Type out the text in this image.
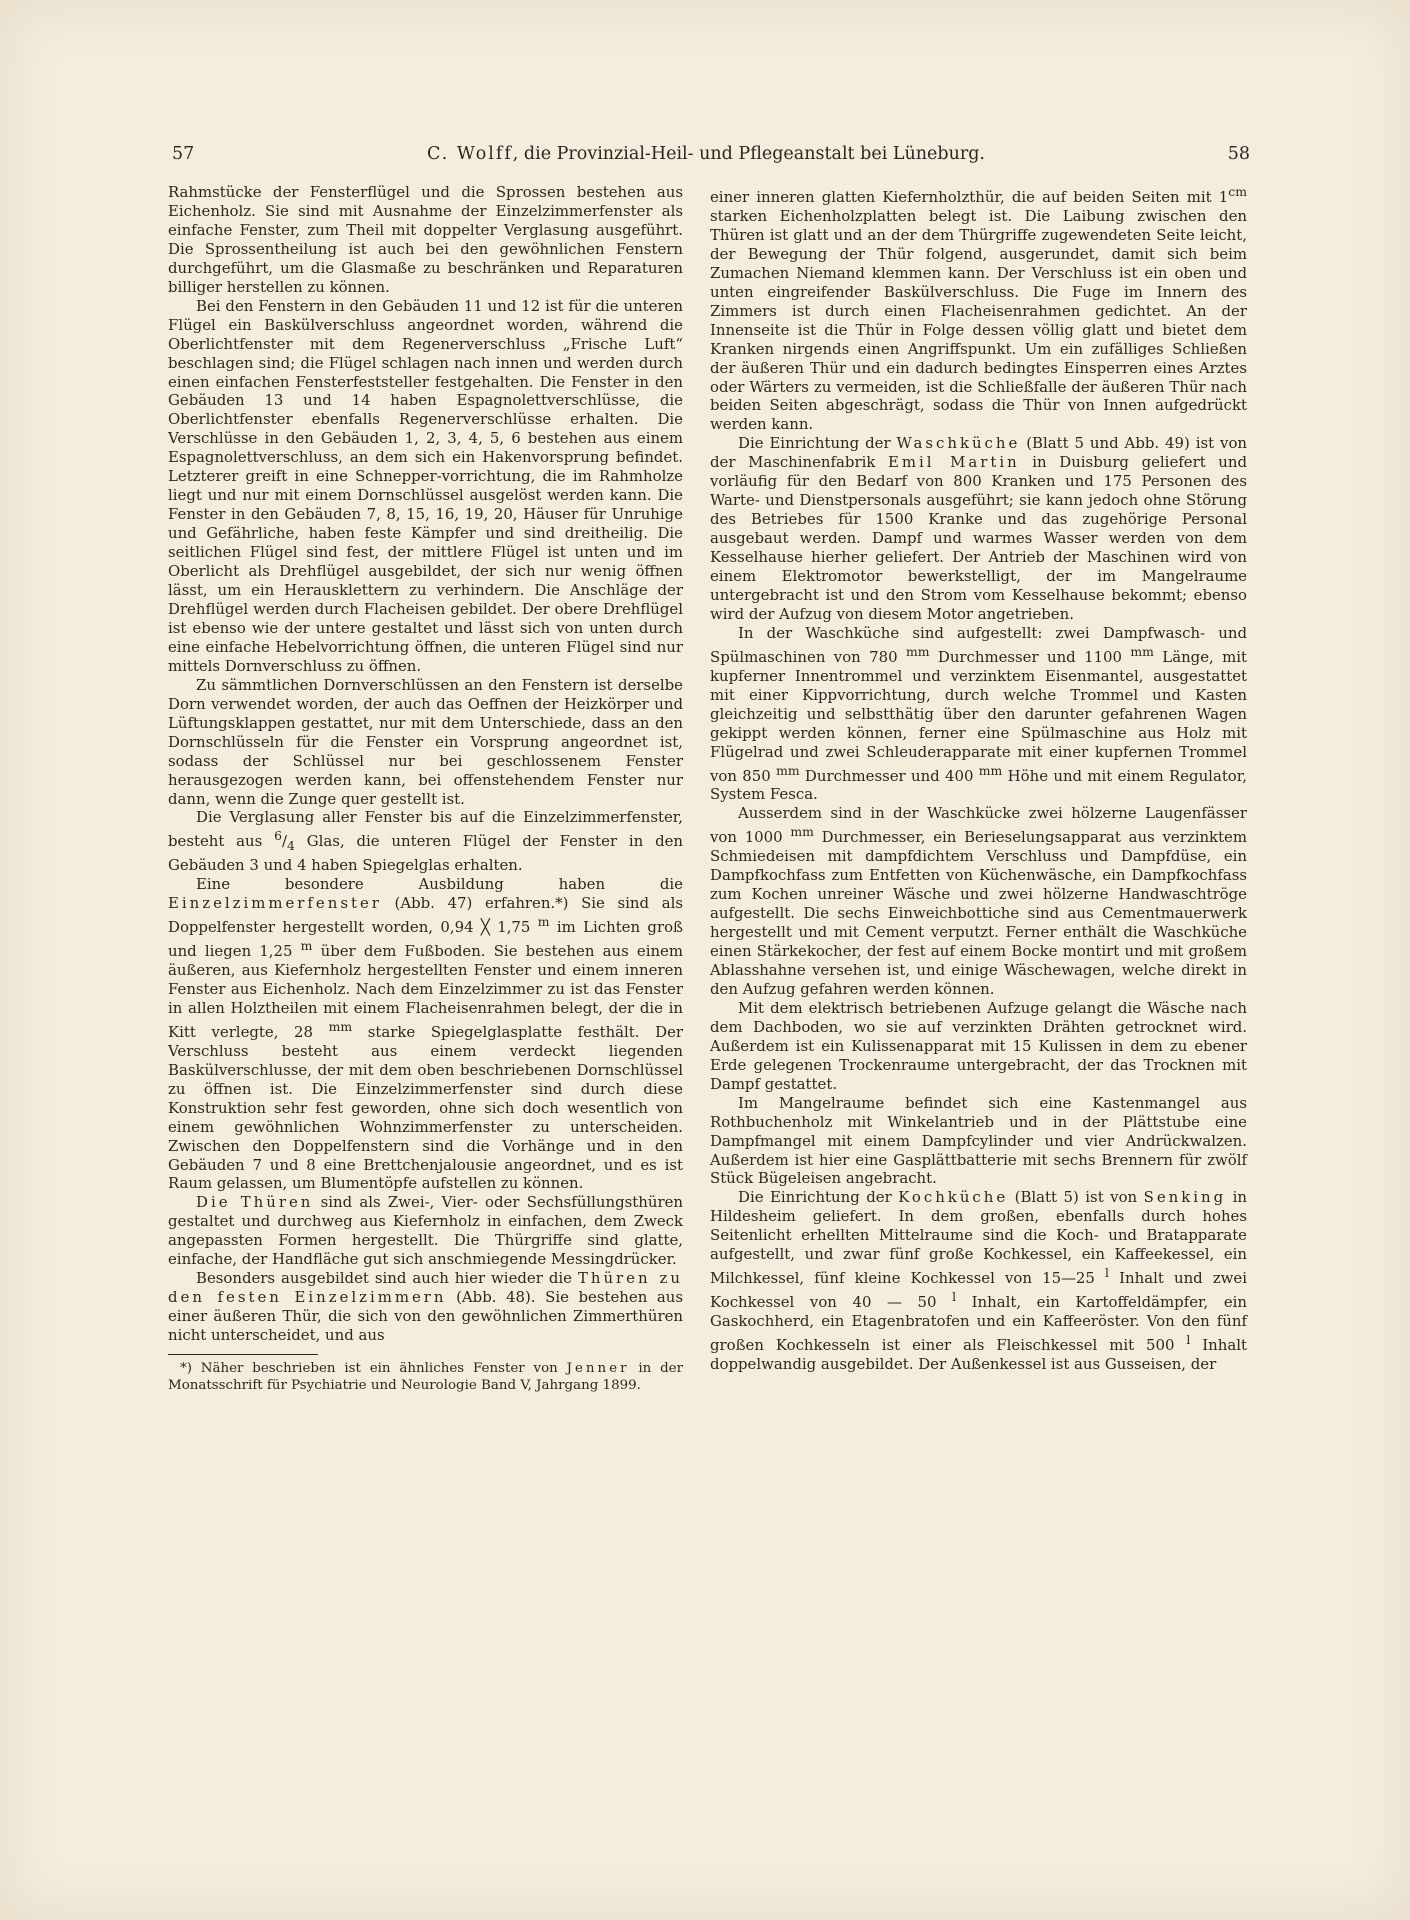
57	C. Wolff, die Provinzial-Heil- und Pflegeanstalt bei Lüneburg.	58

Rahmstücke der Fensterflügel und die Sprossen bestehen aus Eichenholz. Sie sind mit Ausnahme der Einzelzimmerfenster als einfache Fenster, zum Theil mit doppelter Verglasung ausgeführt. Die Sprossentheilung ist auch bei den gewöhnlichen Fenstern durchgeführt, um die Glasmaße zu beschränken und Reparaturen billiger herstellen zu können.

Bei den Fenstern in den Gebäuden 11 und 12 ist für die unteren Flügel ein Baskülverschluss angeordnet worden, während die Oberlichtfenster mit dem Regenerverschluss „Frische Luft“ beschlagen sind; die Flügel schlagen nach innen und werden durch einen einfachen Fensterfeststeller festgehalten. Die Fenster in den Gebäuden 13 und 14 haben Espagnolettverschlüsse, die Oberlichtfenster ebenfalls Regenerverschlüsse erhalten. Die Verschlüsse in den Gebäuden 1, 2, 3, 4, 5, 6 bestehen aus einem Espagnolettverschluss, an dem sich ein Hakenvorsprung befindet. Letzterer greift in eine Schnepper-vorrichtung, die im Rahmholze liegt und nur mit einem Dornschlüssel ausgelöst werden kann. Die Fenster in den Gebäuden 7, 8, 15, 16, 19, 20, Häuser für Unruhige und Gefährliche, haben feste Kämpfer und sind dreitheilig. Die seitlichen Flügel sind fest, der mittlere Flügel ist unten und im Oberlicht als Drehflügel ausgebildet, der sich nur wenig öffnen lässt, um ein Herausklettern zu verhindern. Die Anschläge der Drehflügel werden durch Flacheisen gebildet. Der obere Drehflügel ist ebenso wie der untere gestaltet und lässt sich von unten durch eine einfache Hebelvorrichtung öffnen, die unteren Flügel sind nur mittels Dornverschluss zu öffnen.

Zu sämmtlichen Dornverschlüssen an den Fenstern ist derselbe Dorn verwendet worden, der auch das Oeffnen der Heizkörper und Lüftungsklappen gestattet, nur mit dem Unterschiede, dass an den Dornschlüsseln für die Fenster ein Vorsprung angeordnet ist, sodass der Schlüssel nur bei geschlossenem Fenster herausgezogen werden kann, bei offenstehendem Fenster nur dann, wenn die Zunge quer gestellt ist.

Die Verglasung aller Fenster bis auf die Einzelzimmerfenster, besteht aus $^6/_4$ Glas, die unteren Flügel der Fenster in den Gebäuden 3 und 4 haben Spiegelglas erhalten.

Eine besondere Ausbildung haben die Einzelzimmerfenster (Abb. 47) erfahren.*) Sie sind als Doppelfenster hergestellt worden, 0,94 ╳ 1,75 $^m$ im Lichten groß und liegen 1,25 $^m$ über dem Fußboden. Sie bestehen aus einem äußeren, aus Kiefernholz hergestellten Fenster und einem inneren Fenster aus Eichenholz. Nach dem Einzelzimmer zu ist das Fenster in allen Holztheilen mit einem Flacheisenrahmen belegt, der die in Kitt verlegte, 28 $^{mm}$ starke Spiegelglasplatte festhält. Der Verschluss besteht aus einem verdeckt liegenden Baskülverschlusse, der mit dem oben beschriebenen Dornschlüssel zu öffnen ist. Die Einzelzimmerfenster sind durch diese Konstruktion sehr fest geworden, ohne sich doch wesentlich von einem gewöhnlichen Wohnzimmerfenster zu unterscheiden. Zwischen den Doppelfenstern sind die Vorhänge und in den Gebäuden 7 und 8 eine Brettchenjalousie angeordnet, und es ist Raum gelassen, um Blumentöpfe aufstellen zu können.

Die Thüren sind als Zwei-, Vier- oder Sechsfüllungsthüren gestaltet und durchweg aus Kiefernholz in einfachen, dem Zweck angepassten Formen hergestellt. Die Thürgriffe sind glatte, einfache, der Handfläche gut sich anschmiegende Messingdrücker.

Besonders ausgebildet sind auch hier wieder die Thüren zu den festen Einzelzimmern (Abb. 48). Sie bestehen aus einer äußeren Thür, die sich von den gewöhnlichen Zimmerthüren nicht unterscheidet, und aus

*) Näher beschrieben ist ein ähnliches Fenster von Jenner in der Monatsschrift für Psychiatrie und Neurologie Band V, Jahrgang 1899.

einer inneren glatten Kiefernholzthür, die auf beiden Seiten mit $1^{cm}$ starken Eichenholzplatten belegt ist. Die Laibung zwischen den Thüren ist glatt und an der dem Thürgriffe zugewendeten Seite leicht, der Bewegung der Thür folgend, ausgerundet, damit sich beim Zumachen Niemand klemmen kann. Der Verschluss ist ein oben und unten eingreifender Baskülverschluss. Die Fuge im Innern des Zimmers ist durch einen Flacheisenrahmen gedichtet. An der Innenseite ist die Thür in Folge dessen völlig glatt und bietet dem Kranken nirgends einen Angriffspunkt. Um ein zufälliges Schließen der äußeren Thür und ein dadurch bedingtes Einsperren eines Arztes oder Wärters zu vermeiden, ist die Schließfalle der äußeren Thür nach beiden Seiten abgeschrägt, sodass die Thür von Innen aufgedrückt werden kann.

Die Einrichtung der Waschküche (Blatt 5 und Abb. 49) ist von der Maschinenfabrik Emil Martin in Duisburg geliefert und vorläufig für den Bedarf von 800 Kranken und 175 Personen des Warte- und Dienstpersonals ausgeführt; sie kann jedoch ohne Störung des Betriebes für 1500 Kranke und das zugehörige Personal ausgebaut werden. Dampf und warmes Wasser werden von dem Kesselhause hierher geliefert. Der Antrieb der Maschinen wird von einem Elektromotor bewerkstelligt, der im Mangelraume untergebracht ist und den Strom vom Kesselhause bekommt; ebenso wird der Aufzug von diesem Motor angetrieben.

In der Waschküche sind aufgestellt: zwei Dampfwasch- und Spülmaschinen von 780 $^{mm}$ Durchmesser und 1100 $^{mm}$ Länge, mit kupferner Innentrommel und verzinktem Eisenmantel, ausgestattet mit einer Kippvorrichtung, durch welche Trommel und Kasten gleichzeitig und selbstthätig über den darunter gefahrenen Wagen gekippt werden können, ferner eine Spülmaschine aus Holz mit Flügelrad und zwei Schleuderapparate mit einer kupfernen Trommel von 850 $^{mm}$ Durchmesser und 400 $^{mm}$ Höhe und mit einem Regulator, System Fesca.

Ausserdem sind in der Waschkücke zwei hölzerne Laugenfässer von 1000 $^{mm}$ Durchmesser, ein Berieselungsapparat aus verzinktem Schmiedeisen mit dampfdichtem Verschluss und Dampfdüse, ein Dampfkochfass zum Entfetten von Küchenwäsche, ein Dampfkochfass zum Kochen unreiner Wäsche und zwei hölzerne Handwaschtröge aufgestellt. Die sechs Einweichbottiche sind aus Cementmauerwerk hergestellt und mit Cement verputzt. Ferner enthält die Waschküche einen Stärkekocher, der fest auf einem Bocke montirt und mit großem Ablasshahne versehen ist, und einige Wäschewagen, welche direkt in den Aufzug gefahren werden können.

Mit dem elektrisch betriebenen Aufzuge gelangt die Wäsche nach dem Dachboden, wo sie auf verzinkten Drähten getrocknet wird. Außerdem ist ein Kulissenapparat mit 15 Kulissen in dem zu ebener Erde gelegenen Trockenraume untergebracht, der das Trocknen mit Dampf gestattet.

Im Mangelraume befindet sich eine Kastenmangel aus Rothbuchenholz mit Winkelantrieb und in der Plättstube eine Dampfmangel mit einem Dampfcylinder und vier Andrückwalzen. Außerdem ist hier eine Gasplättbatterie mit sechs Brennern für zwölf Stück Bügeleisen angebracht.

Die Einrichtung der Kochküche (Blatt 5) ist von Senking in Hildesheim geliefert. In dem großen, ebenfalls durch hohes Seitenlicht erhellten Mittelraume sind die Koch- und Bratapparate aufgestellt, und zwar fünf große Kochkessel, ein Kaffeekessel, ein Milchkessel, fünf kleine Kochkessel von 15—25 $^l$ Inhalt und zwei Kochkessel von 40 — 50 $^l$ Inhalt, ein Kartoffeldämpfer, ein Gaskochherd, ein Etagenbratofen und ein Kaffeeröster. Von den fünf großen Kochkesseln ist einer als Fleischkessel mit 500 $^l$ Inhalt doppelwandig ausgebildet. Der Außenkessel ist aus Gusseisen, der
